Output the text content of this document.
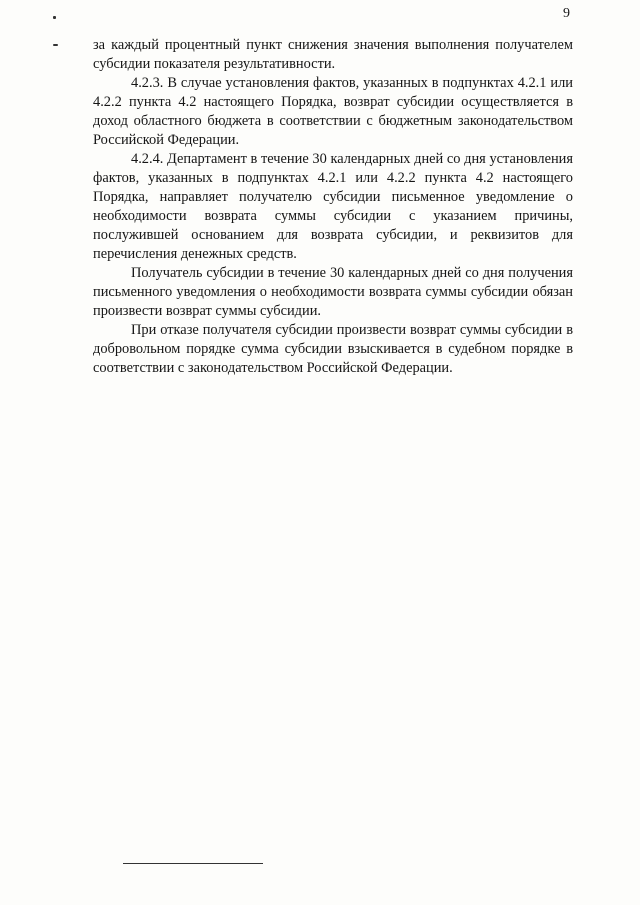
9

за каждый процентный пункт снижения значения выполнения получателем субсидии показателя результативности.

4.2.3. В случае установления фактов, указанных в подпунктах 4.2.1 или 4.2.2 пункта 4.2 настоящего Порядка, возврат субсидии осуществляется в доход областного бюджета в соответствии с бюджетным законодательством Российской Федерации.

4.2.4. Департамент в течение 30 календарных дней со дня установления фактов, указанных в подпунктах 4.2.1 или 4.2.2 пункта 4.2 настоящего Порядка, направляет получателю субсидии письменное уведомление о необходимости возврата суммы субсидии с указанием причины, послужившей основанием для возврата субсидии, и реквизитов для перечисления денежных средств.

Получатель субсидии в течение 30 календарных дней со дня получения письменного уведомления о необходимости возврата суммы субсидии обязан произвести возврат суммы субсидии.

При отказе получателя субсидии произвести возврат суммы субсидии в добровольном порядке сумма субсидии взыскивается в судебном порядке в соответствии с законодательством Российской Федерации.
